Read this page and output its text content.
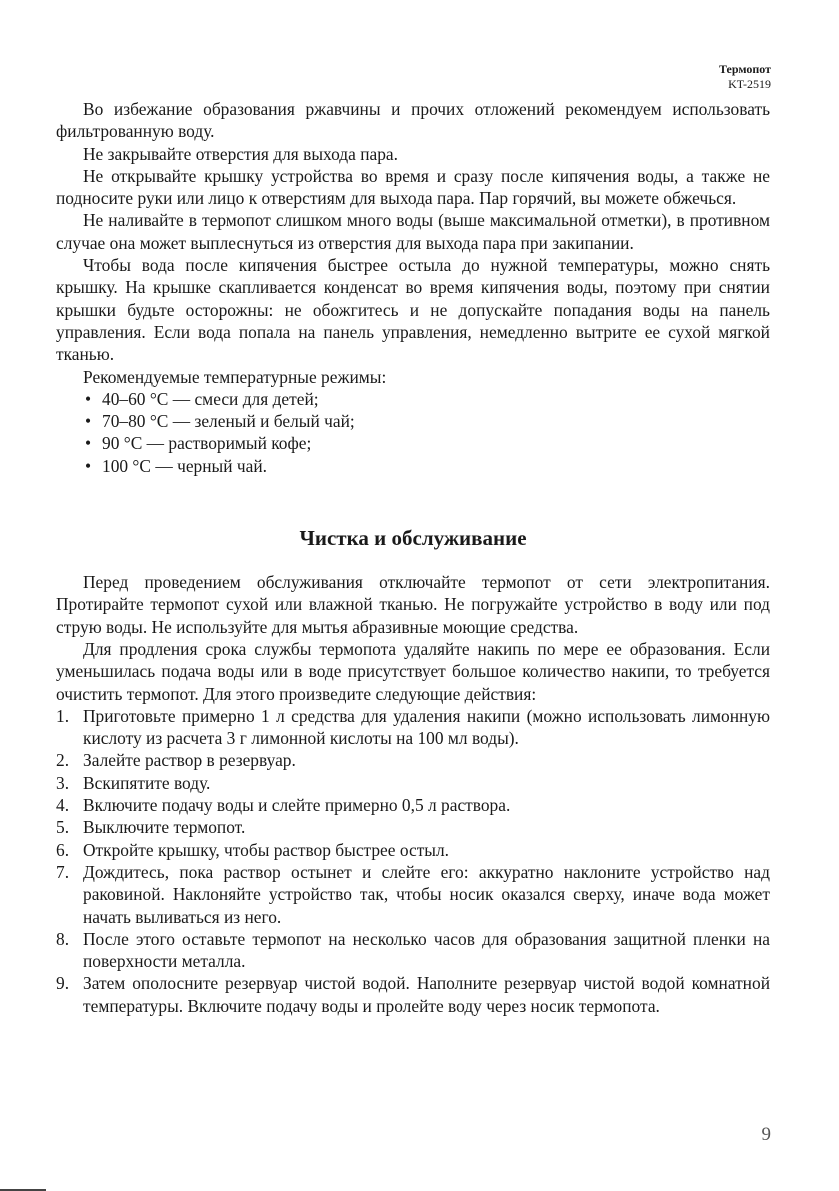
Термопот
KT-2519

Во избежание образования ржавчины и прочих отложений рекомендуем использовать фильтрованную воду.

Не закрывайте отверстия для выхода пара.

Не открывайте крышку устройства во время и сразу после кипячения воды, а также не подносите руки или лицо к отверстиям для выхода пара. Пар горячий, вы можете обжечься.

Не наливайте в термопот слишком много воды (выше максимальной отметки), в противном случае она может выплеснуться из отверстия для выхода пара при закипании.

Чтобы вода после кипячения быстрее остыла до нужной температуры, можно снять крышку. На крышке скапливается конденсат во время кипячения воды, поэтому при снятии крышки будьте осторожны: не обожгитесь и не допускайте попадания воды на панель управления. Если вода попала на панель управления, немедленно вытрите ее сухой мягкой тканью.

Рекомендуемые температурные режимы:

• 40–60 °С — смеси для детей;
• 70–80 °С — зеленый и белый чай;
• 90 °С — растворимый кофе;
• 100 °С — черный чай.
Чистка и обслуживание

Перед проведением обслуживания отключайте термопот от сети электропитания. Протирайте термопот сухой или влажной тканью. Не погружайте устройство в воду или под струю воды. Не используйте для мытья абразивные моющие средства.

Для продления срока службы термопота удаляйте накипь по мере ее образования. Если уменьшилась подача воды или в воде присутствует большое количество накипи, то требуется очистить термопот. Для этого произведите следующие действия:

1. Приготовьте примерно 1 л средства для удаления накипи (можно использовать лимонную кислоту из расчета 3 г лимонной кислоты на 100 мл воды).
2. Залейте раствор в резервуар.
3. Вскипятите воду.
4. Включите подачу воды и слейте примерно 0,5 л раствора.
5. Выключите термопот.
6. Откройте крышку, чтобы раствор быстрее остыл.
7. Дождитесь, пока раствор остынет и слейте его: аккуратно наклоните устройство над раковиной. Наклоняйте устройство так, чтобы носик оказался сверху, иначе вода может начать выливаться из него.
8. После этого оставьте термопот на несколько часов для образования защитной пленки на поверхности металла.
9. Затем ополосните резервуар чистой водой. Наполните резервуар чистой водой комнатной температуры. Включите подачу воды и пролейте воду через носик термопота.
9
